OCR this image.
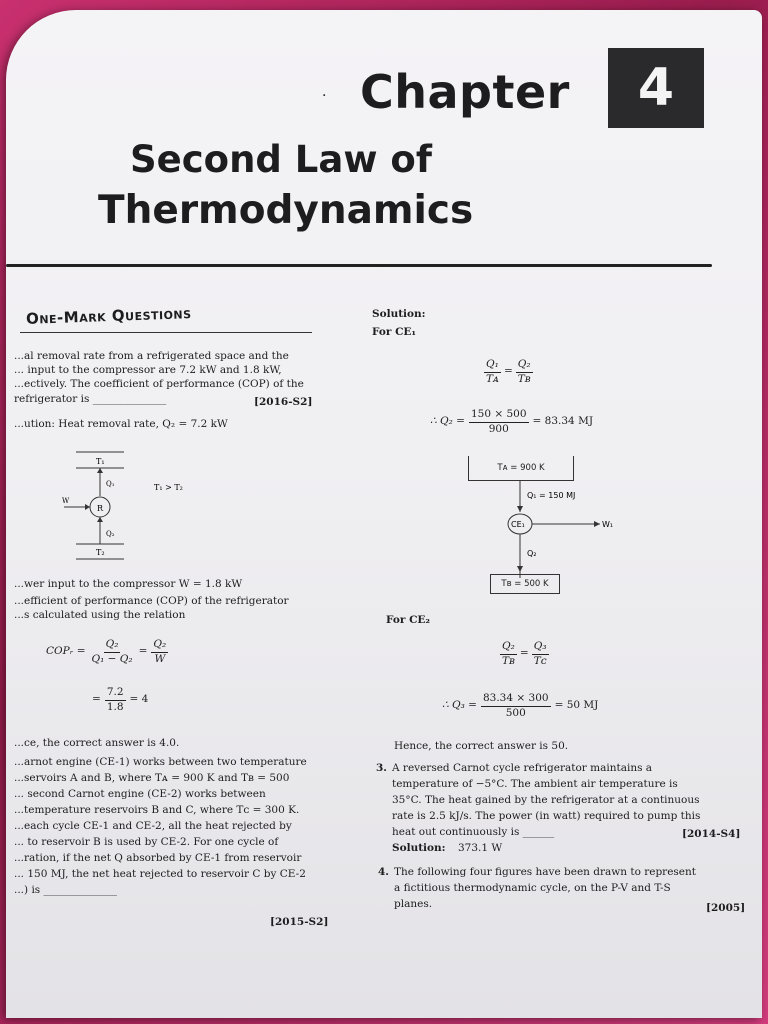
· Chapter	4
Second Law of
Thermodynamics
One-Mark Questions
...al removal rate from a refrigerated space and the
... input to the compressor are 7.2 kW and 1.8 kW,
...ectively. The coefficient of performance (COP) of the
refrigerator is ______________	[2016-S2]
...ution: Heat removal rate, Q₂ = 7.2 kW
T₁
Q₁
R
W
Q₂
T₂
T₁ > T₂
...wer input to the compressor W = 1.8 kW
...efficient of performance (COP) of the refrigerator
...s calculated using the relation
COPᵣ = $\frac{\text{Q₂}}{\text{Q₁ − Q₂}} = \frac{\text{Q₂}}{W}$
= $\frac{7.2}{1.8} = 4$
...ce, the correct answer is 4.0.
...arnot engine (CE-1) works between two temperature
...servoirs A and B, where Tᴀ = 900 K and Tʙ = 500
... second Carnot engine (CE-2) works between
...temperature reservoirs B and C, where Tᴄ = 300 K.
...each cycle CE-1 and CE-2, all the heat rejected by
... to reservoir B is used by CE-2. For one cycle of
...ration, if the net Q absorbed by CE-1 from reservoir
... 150 MJ, the net heat rejected to reservoir C by CE-2
...) is ______________
[2015-S2]
Solution:
For CE₁
$\frac{\text{Q₁}}{\text{Tᴀ}} = \frac{\text{Q₂}}{\text{Tʙ}}$
∴ $Q_2 = \frac{150 \times 500}{900} = 83.34$ MJ
Tᴀ = 900 K
Q₁ = 150 MJ
CE₁	W₁
Q₂
Tʙ = 500 K
For CE₂
$\frac{\text{Q₂}}{\text{Tʙ}} = \frac{\text{Q₃}}{\text{Tᴄ}}$
∴ $Q_3 = \frac{83.34 \times 300}{500} = 50$ MJ
Hence, the correct answer is 50.
3. A reversed Carnot cycle refrigerator maintains a
temperature of −5°C. The ambient air temperature is
35°C. The heat gained by the refrigerator at a continuous
rate is 2.5 kJ/s. The power (in watt) required to pump this
heat out continuously is ______	[2014-S4]
Solution: 373.1 W
4. The following four figures have been drawn to represent
a fictitious thermodynamic cycle, on the P-V and T-S
planes.	[2005]
